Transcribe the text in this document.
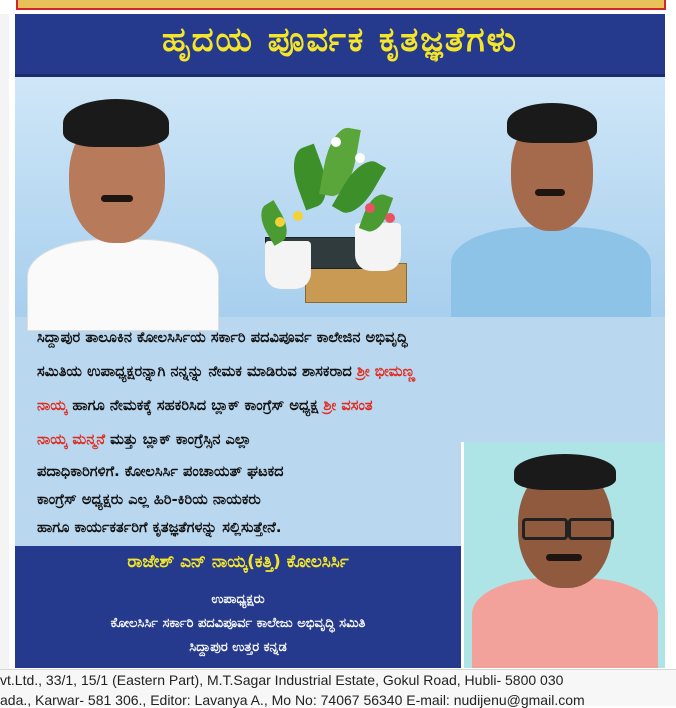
ಹೃದಯ ಪೂರ್ವಕ ಕೃತಜ್ಞತೆಗಳು
ಸಿದ್ದಾಪುರ ತಾಲೂಕಿನ ಕೋಲಸಿರ್ಸಿಯ ಸರ್ಕಾರಿ ಪದವಿಪೂರ್ವ ಕಾಲೇಜಿನ ಅಭಿವೃದ್ಧಿ
ಸಮಿತಿಯ ಉಪಾಧ್ಯಕ್ಷರನ್ನಾಗಿ ನನ್ನನ್ನು ನೇಮಕ ಮಾಡಿರುವ ಶಾಸಕರಾದ ಶ್ರೀ ಭೀಮಣ್ಣ
ನಾಯ್ಕ ಹಾಗೂ ನೇಮಕಕ್ಕೆ ಸಹಕರಿಸಿದ ಬ್ಲಾಕ್ ಕಾಂಗ್ರೆಸ್ ಅಧ್ಯಕ್ಷ ಶ್ರೀ ವಸಂತ
ನಾಯ್ಕ ಮನ್ಮನೆ ಮತ್ತು ಬ್ಲಾಕ್ ಕಾಂಗ್ರೆಸ್ಸಿನ ಎಲ್ಲಾ
ಪದಾಧಿಕಾರಿಗಳಿಗೆ. ಕೋಲಸಿರ್ಸಿ ಪಂಚಾಯತ್ ಘಟಕದ
ಕಾಂಗ್ರೆಸ್ ಅಧ್ಯಕ್ಷರು ಎಲ್ಲ ಹಿರಿ-ಕಿರಿಯ ನಾಯಕರು
ಹಾಗೂ ಕಾರ್ಯಕರ್ತರಿಗೆ ಕೃತಜ್ಞತೆಗಳನ್ನು ಸಲ್ಲಿಸುತ್ತೇನೆ.
ರಾಜೇಶ್ ಎನ್ ನಾಯ್ಕ(ಕತ್ತಿ) ಕೋಲಸಿರ್ಸಿ
ಉಪಾಧ್ಯಕ್ಷರು
ಕೋಲಸಿರ್ಸಿ ಸರ್ಕಾರಿ ಪದವಿಪೂರ್ವ ಕಾಲೇಜು ಅಭಿವೃದ್ಧಿ ಸಮಿತಿ
ಸಿದ್ದಾಪುರ ಉತ್ತರ ಕನ್ನಡ
vt.Ltd., 33/1, 15/1 (Eastern Part), M.T.Sagar Industrial Estate, Gokul Road, Hubli- 5800 030
ada., Karwar- 581 306., Editor: Lavanya A., Mo No: 74067 56340 E-mail: nudijenu@gmail.com
